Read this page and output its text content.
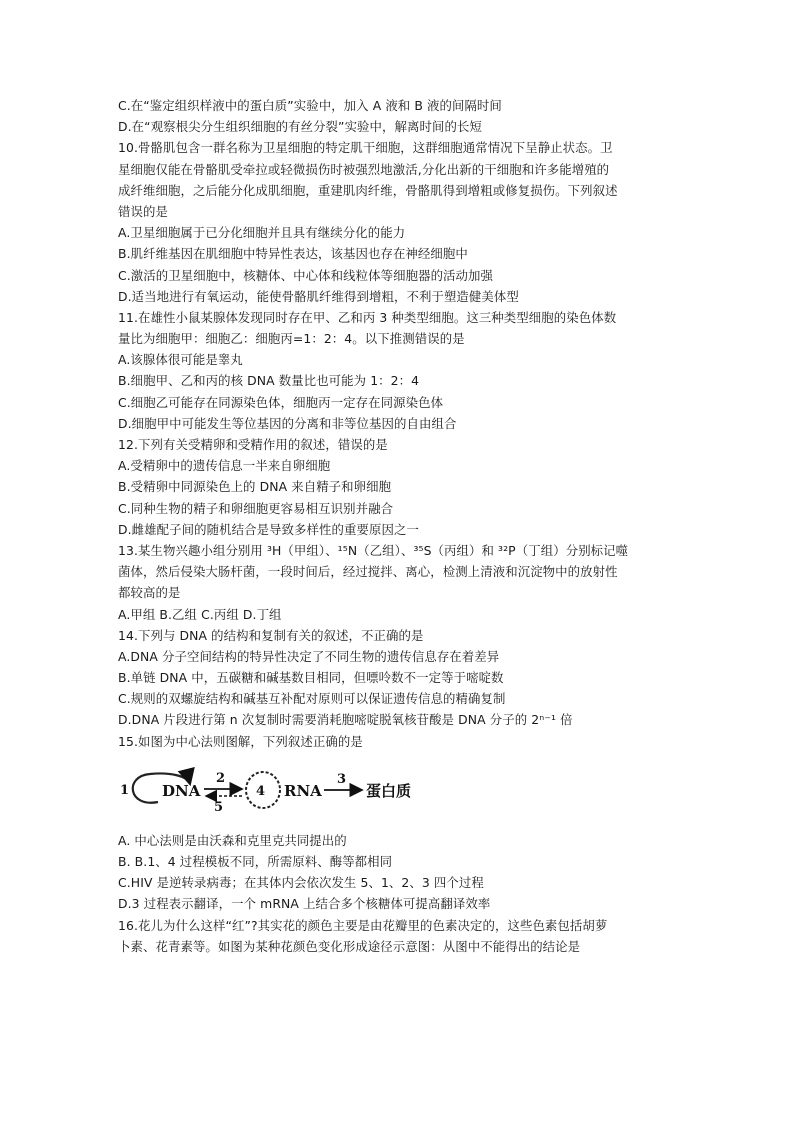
C.在“鉴定组织样液中的蛋白质”实验中，加入 A 液和 B 液的间隔时间
D.在“观察根尖分生组织细胞的有丝分裂”实验中，解离时间的长短
10.骨骼肌包含一群名称为卫星细胞的特定肌干细胞，这群细胞通常情况下呈静止状态。卫
星细胞仅能在骨骼肌受牵拉或轻微损伤时被强烈地激活,分化出新的干细胞和许多能增殖的
成纤维细胞，之后能分化成肌细胞，重建肌肉纤维，骨骼肌得到增粗或修复损伤。下列叙述
错误的是
A.卫星细胞属于已分化细胞并且具有继续分化的能力
B.肌纤维基因在肌细胞中特异性表达，该基因也存在神经细胞中
C.激活的卫星细胞中，核糖体、中心体和线粒体等细胞器的活动加强
D.适当地进行有氧运动，能使骨骼肌纤维得到增粗，不利于塑造健美体型
11.在雄性小鼠某腺体发现同时存在甲、乙和丙 3 种类型细胞。这三种类型细胞的染色体数
量比为细胞甲：细胞乙：细胞丙=1：2：4。以下推测错误的是
A.该腺体很可能是睾丸
B.细胞甲、乙和丙的核 DNA 数量比也可能为 1：2：4
C.细胞乙可能存在同源染色体，细胞丙一定存在同源染色体
D.细胞甲中可能发生等位基因的分离和非等位基因的自由组合
12.下列有关受精卵和受精作用的叙述，错误的是
A.受精卵中的遗传信息一半来自卵细胞
B.受精卵中同源染色上的 DNA 来自精子和卵细胞
C.同种生物的精子和卵细胞更容易相互识别并融合
D.雌雄配子间的随机结合是导致多样性的重要原因之一
13.某生物兴趣小组分别用 ³H（甲组）、¹⁵N（乙组）、³⁵S（丙组）和 ³²P（丁组）分别标记噬
菌体，然后侵染大肠杆菌，一段时间后，经过搅拌、离心，检测上清液和沉淀物中的放射性
都较高的是
A.甲组 B.乙组 C.丙组 D.丁组
14.下列与 DNA 的结构和复制有关的叙述，不正确的是
A.DNA 分子空间结构的特异性决定了不同生物的遗传信息存在着差异
B.单链 DNA 中，五碳糖和碱基数目相同，但嘌呤数不一定等于嘧啶数
C.规则的双螺旋结构和碱基互补配对原则可以保证遗传信息的精确复制
D.DNA 片段进行第 n 次复制时需要消耗胞嘧啶脱氧核苷酸是 DNA 分子的 2ⁿ⁻¹ 倍
15.如图为中心法则图解，下列叙述正确的是
1 DNA
2
5
4 RNA
3
蛋白质
A. 中心法则是由沃森和克里克共同提出的
B. B.1、4 过程模板不同，所需原料、酶等都相同
C.HIV 是逆转录病毒；在其体内会依次发生 5、1、2、3 四个过程
D.3 过程表示翻译，一个 mRNA 上结合多个核糖体可提高翻译效率
16.花儿为什么这样“红”?其实花的颜色主要是由花瓣里的色素决定的，这些色素包括胡萝
卜素、花青素等。如图为某种花颜色变化形成途径示意图：从图中不能得出的结论是
